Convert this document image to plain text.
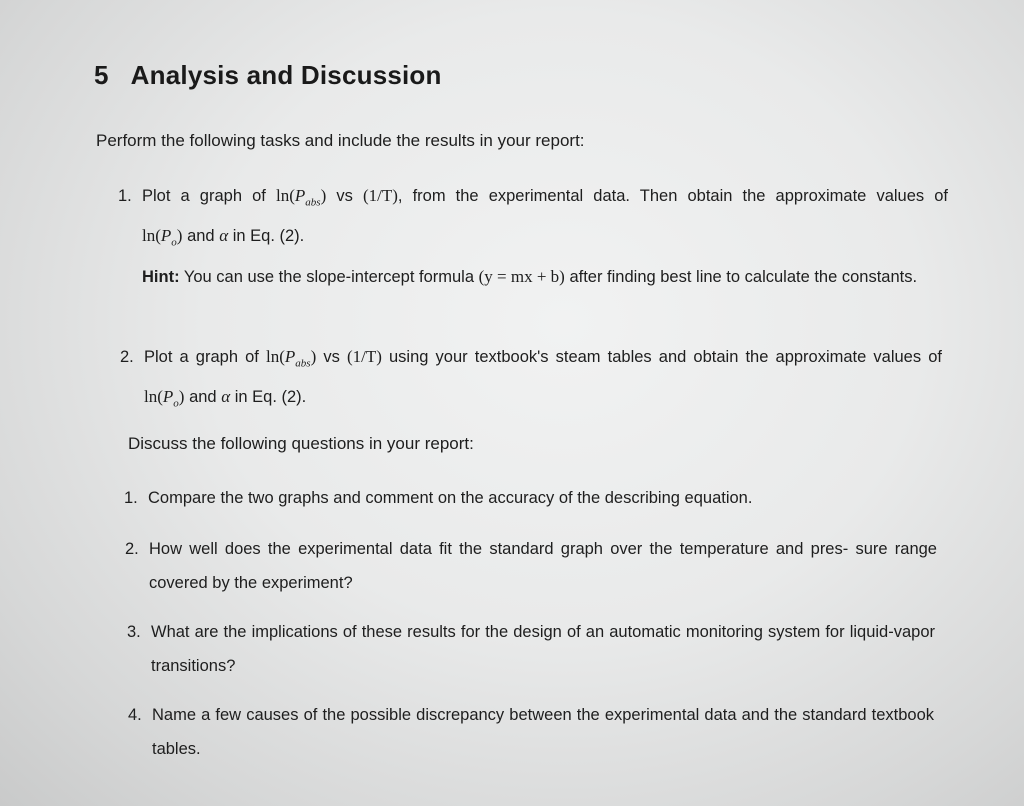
5 Analysis and Discussion
Perform the following tasks and include the results in your report:
1. Plot a graph of $\ln(P_{abs})$ vs (1/T), from the experimental data. Then obtain the approximate values of
$\ln(P_o)$ and α in Eq. (2).
Hint: You can use the slope-intercept formula (y = mx + b) after finding best line to calculate the constants.
2. Plot a graph of $\ln(P_{abs})$ vs (1/T) using your textbook's steam tables and obtain the approximate values of
$\ln(P_o)$ and α in Eq. (2).
Discuss the following questions in your report:
1. Compare the two graphs and comment on the accuracy of the describing equation.
2. How well does the experimental data fit the standard graph over the temperature and pres- sure range covered by the experiment?
3. What are the implications of these results for the design of an automatic monitoring system for liquid-vapor transitions?
4. Name a few causes of the possible discrepancy between the experimental data and the standard textbook tables.
